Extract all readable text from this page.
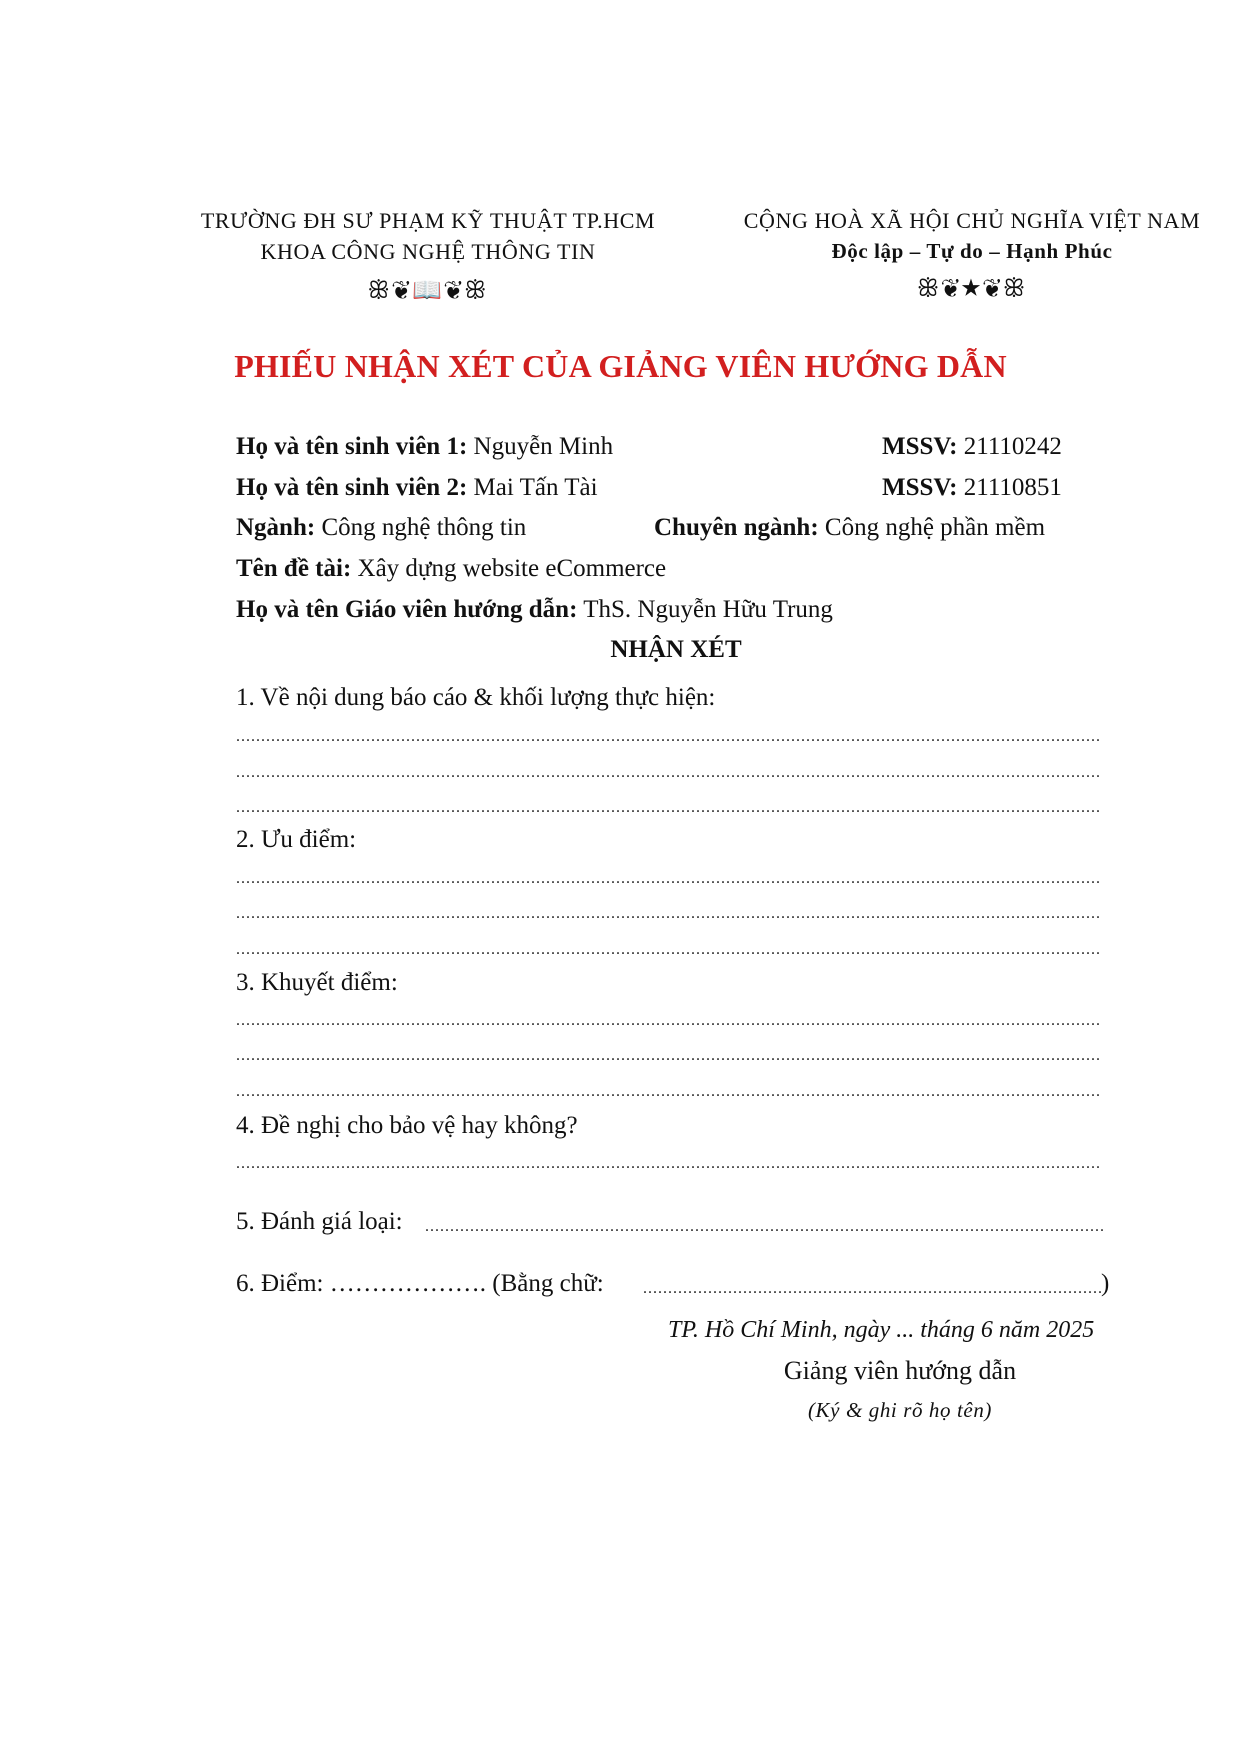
TRƯỜNG ĐH SƯ PHẠM KỸ THUẬT TP.HCM
KHOA CÔNG NGHỆ THÔNG TIN
ꕥ❦📖❦ꕥ
CỘNG HOÀ XÃ HỘI CHỦ NGHĨA VIỆT NAM
Độc lập – Tự do – Hạnh Phúc
ꕥ❦★❦ꕥ
PHIẾU NHẬN XÉT CỦA GIẢNG VIÊN HƯỚNG DẪN
Họ và tên sinh viên 1: Nguyễn Minh	MSSV: 21110242
Họ và tên sinh viên 2: Mai Tấn Tài	MSSV: 21110851
Ngành: Công nghệ thông tin	Chuyên ngành: Công nghệ phần mềm
Tên đề tài: Xây dựng website eCommerce
Họ và tên Giáo viên hướng dẫn: ThS. Nguyễn Hữu Trung
NHẬN XÉT
1. Về nội dung báo cáo & khối lượng thực hiện:
.....
.....
.....
2. Ưu điểm:
.....
.....
.....
3. Khuyết điểm:
.....
.....
.....
4. Đề nghị cho bảo vệ hay không?
.....
5. Đánh giá loại:
.....
6. Điểm: ………………. (Bằng chữ:
.....	)
TP. Hồ Chí Minh, ngày ... tháng 6 năm 2025
Giảng viên hướng dẫn
(Ký & ghi rõ họ tên)
